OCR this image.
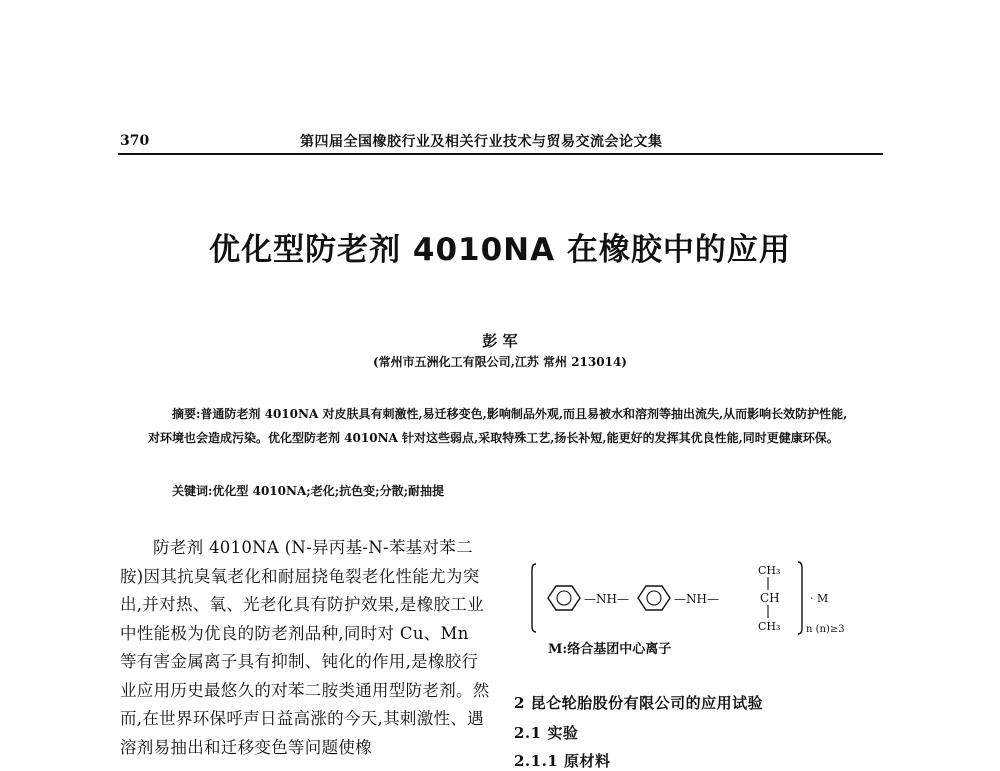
370	第四届全国橡胶行业及相关行业技术与贸易交流会论文集
优化型防老剂 4010NA 在橡胶中的应用
彭 军
(常州市五洲化工有限公司,江苏 常州 213014)
摘要:普通防老剂 4010NA 对皮肤具有刺激性,易迁移变色,影响制品外观,而且易被水和溶剂等抽出流失,从而影响长效防护性能,对环境也会造成污染。优化型防老剂 4010NA 针对这些弱点,采取特殊工艺,扬长补短,能更好的发挥其优良性能,同时更健康环保。
关键词:优化型 4010NA;老化;抗色变;分散;耐抽提
防老剂 4010NA (N-异丙基-N-苯基对苯二胺)因其抗臭氧老化和耐屈挠龟裂老化性能尤为突出,并对热、氧、光老化具有防护效果,是橡胶工业中性能极为优良的防老剂品种,同时对 Cu、Mn 等有害金属离子具有抑制、钝化的作用,是橡胶行业应用历史最悠久的对苯二胺类通用型防老剂。然而,在世界环保呼声日益高涨的今天,其刺激性、遇溶剂易抽出和迁移变色等问题使橡
—NH—	—NH—
CH₃
CH
CH₃
· M
n (n)≥3
M:络合基团中心离子
2 昆仑轮胎股份有限公司的应用试验
2.1 实验
2.1.1 原材料
